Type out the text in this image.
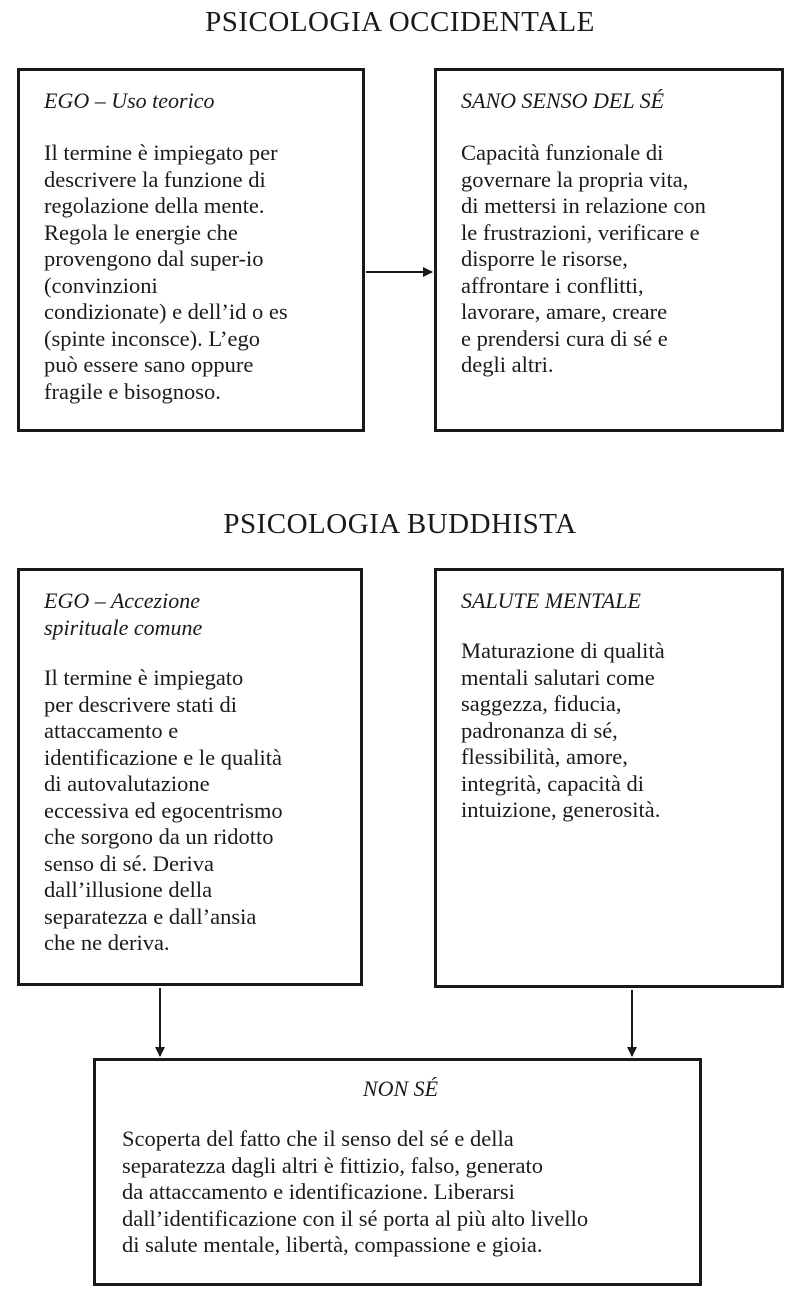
PSICOLOGIA OCCIDENTALE
EGO – Uso teorico
Il termine è impiegato per
descrivere la funzione di
regolazione della mente.
Regola le energie che
provengono dal super-io
(convinzioni
condizionate) e dell’id o es
(spinte inconsce). L’ego
può essere sano oppure
fragile e bisognoso.
SANO SENSO DEL SÉ
Capacità funzionale di
governare la propria vita,
di mettersi in relazione con
le frustrazioni, verificare e
disporre le risorse,
affrontare i conflitti,
lavorare, amare, creare
e prendersi cura di sé e
degli altri.
PSICOLOGIA BUDDHISTA
EGO – Accezione
spirituale comune
Il termine è impiegato
per descrivere stati di
attaccamento e
identificazione e le qualità
di autovalutazione
eccessiva ed egocentrismo
che sorgono da un ridotto
senso di sé. Deriva
dall’illusione della
separatezza e dall’ansia
che ne deriva.
SALUTE MENTALE
Maturazione di qualità
mentali salutari come
saggezza, fiducia,
padronanza di sé,
flessibilità, amore,
integrità, capacità di
intuizione, generosità.
NON SÉ
Scoperta del fatto che il senso del sé e della
separatezza dagli altri è fittizio, falso, generato
da attaccamento e identificazione. Liberarsi
dall’identificazione con il sé porta al più alto livello
di salute mentale, libertà, compassione e gioia.
